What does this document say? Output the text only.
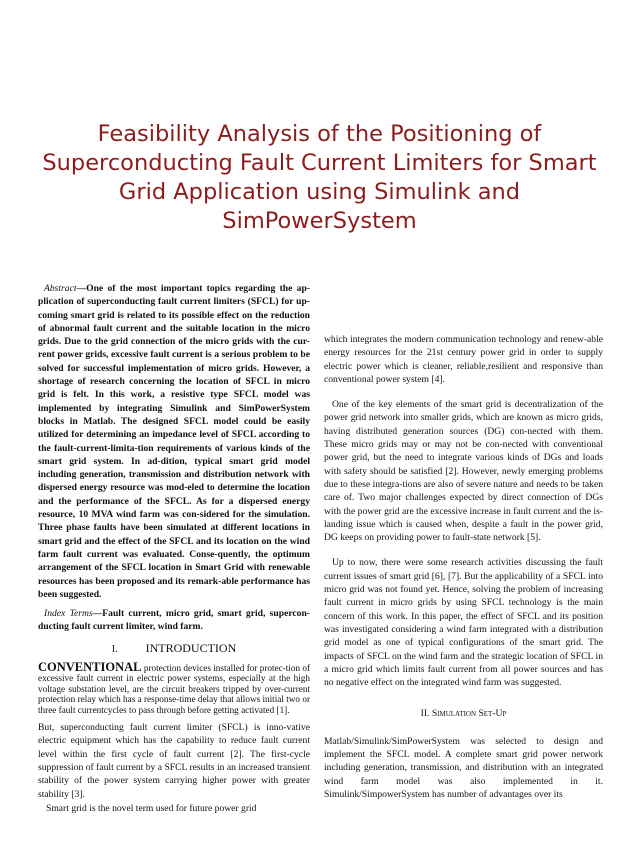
Feasibility Analysis of the Positioning of Superconducting Fault Current Limiters for Smart Grid Application using Simulink and SimPowerSystem

Abstract—One of the most important topics regarding the ap-plication of superconducting fault current limiters (SFCL) for up-coming smart grid is related to its possible effect on the reduction of abnormal fault current and the suitable location in the micro grids. Due to the grid connection of the micro grids with the cur-rent power grids, excessive fault current is a serious problem to be solved for successful implementation of micro grids. However, a shortage of research concerning the location of SFCL in micro grid is felt. In this work, a resistive type SFCL model was implemented by integrating Simulink and SimPowerSystem blocks in Matlab. The designed SFCL model could be easily utilized for determining an impedance level of SFCL according to the fault-current-limita-tion requirements of various kinds of the smart grid system. In ad-dition, typical smart grid model including generation, transmission and distribution network with dispersed energy resource was mod-eled to determine the location and the performance of the SFCL. As for a dispersed energy resource, 10 MVA wind farm was con-sidered for the simulation. Three phase faults have been simulated at different locations in smart grid and the effect of the SFCL and its location on the wind farm fault current was evaluated. Conse-quently, the optimum arrangement of the SFCL location in Smart Grid with renewable resources has been proposed and its remark-able performance has been suggested.

Index Terms—Fault current, micro grid, smart grid, supercon-ducting fault current limiter, wind farm.

I. INTRODUCTION

CONVENTIONAL protection devices installed for protec-tion of excessive fault current in electric power systems, especially at the high voltage substation level, are the circuit breakers tripped by over-current protection relay which has a response-time delay that allows initial two or three fault currentcycles to pass through before getting activated [1].

But, superconducting fault current limiter (SFCL) is inno-vative electric equipment which has the capability to reduce fault current level within the first cycle of fault current [2]. The first-cycle suppression of fault current by a SFCL results in an increased transient stability of the power system carrying higher power with greater stability [3].

Smart grid is the novel term used for future power grid

which integrates the modern communication technology and renew-able energy resources for the 21st century power grid in order to supply electric power which is cleaner, reliable,resilient and responsive than conventional power system [4].

One of the key elements of the smart grid is decentralization of the power grid network into smaller grids, which are known as micro grids, having distributed generation sources (DG) con-nected with them. These micro grids may or may not be con-nected with conventional power grid, but the need to integrate various kinds of DGs and loads with safety should be satisfied [2]. However, newly emerging problems due to these integra-tions are also of severe nature and needs to be taken care of. Two major challenges expected by direct connection of DGs with the power grid are the excessive increase in fault current and the is-landing issue which is caused when, despite a fault in the power grid, DG keeps on providing power to fault-state network [5].

Up to now, there were some research activities discussing the fault current issues of smart grid [6], [7]. But the applicability of a SFCL into micro grid was not found yet. Hence, solving the problem of increasing fault current in micro grids by using SFCL technology is the main concern of this work. In this paper, the effect of SFCL and its position was investigated considering a wind farm integrated with a distribution grid model as one of typical configurations of the smart grid. The impacts of SFCL on the wind farm and the strategic location of SFCL in a micro grid which limits fault current from all power sources and has no negative effect on the integrated wind farm was suggested.

II. Simulation Set-Up

Matlab/Simulink/SimPowerSystem was selected to design and implement the SFCL model. A complete smart grid power network including generation, transmission, and distribution with an integrated wind farm model was also implemented in it. Simulink/SimpowerSystem has number of advantages over its
